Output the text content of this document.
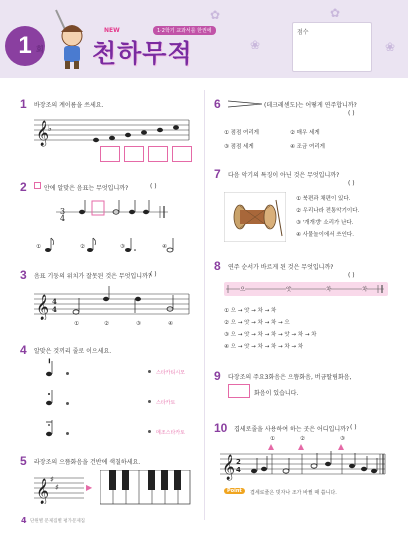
✿
❀
✿
❀
1 회
NEW
천하무적
1·2학기 교과서를 한권에	점수
1 바장조의 계이름을 쓰세요.
𝄞
♭
2	안에 알맞은 음표는 무엇입니까?	( )
3
4
①	②	③	④
3 음표 기둥의 위치가 잘못된 것은 무엇입니까?
( )
𝄞 4
4
①	②	③	④
4 알맞은 것끼리 줄로 이으세요.
╹
스타카티시모
스타카토
메조스타카토
5 라장조의 으뜸화음을 건반에 색칠하세요.
𝄞 ♯
♯	▶
6	(데크레센도)는 어떻게 연주합니까?
( )
① 점점 여리게	② 매우 세게
③ 점점 세게	④ 조금 여리게
7 다음 악기의 특징이 아닌 것은 무엇입니까?
( )
① 북편과 채편이 있다.
② 우리나라 전통악기이다.
③ '개개갱' 소리가 난다.
④ 사물놀이에서 쓰인다.
8 연주 순서가 바르게 된 것은 무엇입니까?
( )
으	앗	차	차
① 으 → 앗 → 차 → 차
② 으 → 앗 → 차 → 차 → 으
③ 으 → 앗 → 차 → 차 → 앗 → 차 → 차
④ 으 → 앗 → 차 → 차 → 차 → 차
9 다장조의 주요3화음은 으뜸화음, 버금딸림화음,
화음이 있습니다.
10 겹세로줄을 사용하여 하는 곳은 어디입니까? ( )
①	②	③
𝄞 2
4
Point	겹세로줄은 빗자나 조가 바뀔 때 씁니다.
4 단원별 문제집별 평가문제집
